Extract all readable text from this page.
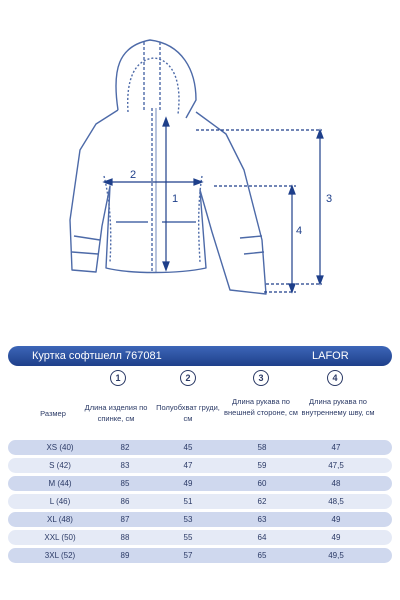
1
2
3
4
Куртка софтшелл 767081	LAFOR
1	2	3	4
Размер
Длина изделия по спинке, см
Полуобхват груди, см
Длина рукава по внешней стороне, см
Длина рукава по внутреннему шву, см
XS (40)	82	45	58	47
S (42)	83	47	59	47,5
M (44)	85	49	60	48
L (46)	86	51	62	48,5
XL (48)	87	53	63	49
XXL (50)	88	55	64	49
3XL (52)	89	57	65	49,5
